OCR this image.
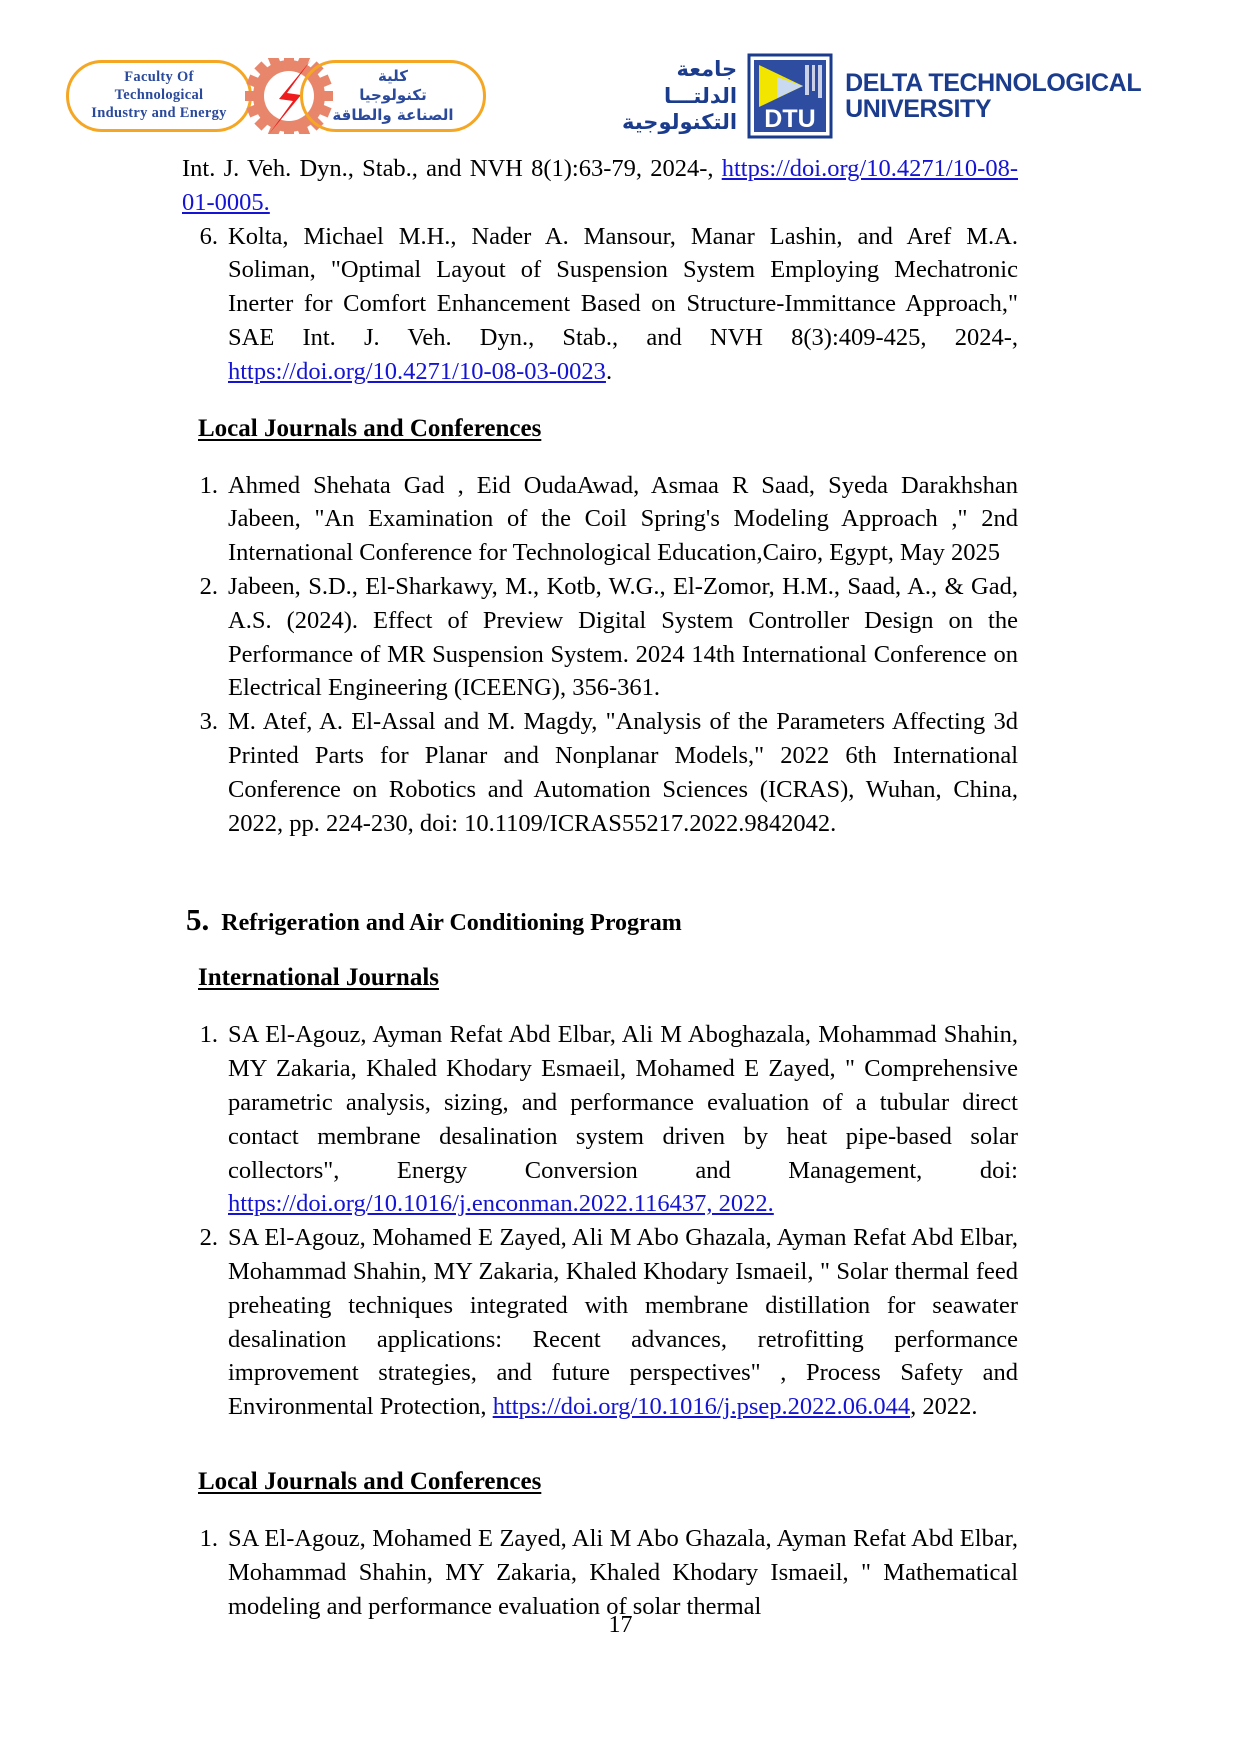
Faculty Of
Technological
Industry and Energy
كلية
تكنولوجيا
الصناعة والطاقة
جامعة الدلتـــا
التكنولوجية DTU
DELTA TECHNOLOGICAL
UNIVERSITY

Int. J. Veh. Dyn., Stab., and NVH 8(1):63-79, 2024-, https://doi.org/10.4271/10-08-01-0005.

6. Kolta, Michael M.H., Nader A. Mansour, Manar Lashin, and Aref M.A. Soliman, "Optimal Layout of Suspension System Employing Mechatronic Inerter for Comfort Enhancement Based on Structure-Immittance Approach," SAE Int. J. Veh. Dyn., Stab., and NVH 8(3):409-425, 2024-, https://doi.org/10.4271/10-08-03-0023.

Local Journals and Conferences
1. Ahmed Shehata Gad , Eid OudaAwad, Asmaa R Saad, Syeda Darakhshan Jabeen, "An Examination of the Coil Spring's Modeling Approach ," 2nd International Conference for Technological Education,Cairo, Egypt, May 2025

2. Jabeen, S.D., El-Sharkawy, M., Kotb, W.G., El-Zomor, H.M., Saad, A., & Gad, A.S. (2024). Effect of Preview Digital System Controller Design on the Performance of MR Suspension System. 2024 14th International Conference on Electrical Engineering (ICEENG), 356-361.

3. M. Atef, A. El-Assal and M. Magdy, "Analysis of the Parameters Affecting 3d Printed Parts for Planar and Nonplanar Models," 2022 6th International Conference on Robotics and Automation Sciences (ICRAS), Wuhan, China, 2022, pp. 224-230, doi: 10.1109/ICRAS55217.2022.9842042.

5. Refrigeration and Air Conditioning Program
International Journals
1. SA El-Agouz, Ayman Refat Abd Elbar, Ali M Aboghazala, Mohammad Shahin, MY Zakaria, Khaled Khodary Esmaeil, Mohamed E Zayed, " Comprehensive parametric analysis, sizing, and performance evaluation of a tubular direct contact membrane desalination system driven by heat pipe-based solar collectors", Energy Conversion and Management, doi: https://doi.org/10.1016/j.enconman.2022.116437, 2022.

2. SA El-Agouz, Mohamed E Zayed, Ali M Abo Ghazala, Ayman Refat Abd Elbar, Mohammad Shahin, MY Zakaria, Khaled Khodary Ismaeil, " Solar thermal feed preheating techniques integrated with membrane distillation for seawater desalination applications: Recent advances, retrofitting performance improvement strategies, and future perspectives" , Process Safety and Environmental Protection, https://doi.org/10.1016/j.psep.2022.06.044, 2022.

Local Journals and Conferences
1. SA El-Agouz, Mohamed E Zayed, Ali M Abo Ghazala, Ayman Refat Abd Elbar, Mohammad Shahin, MY Zakaria, Khaled Khodary Ismaeil, " Mathematical modeling and performance evaluation of solar thermal

17
